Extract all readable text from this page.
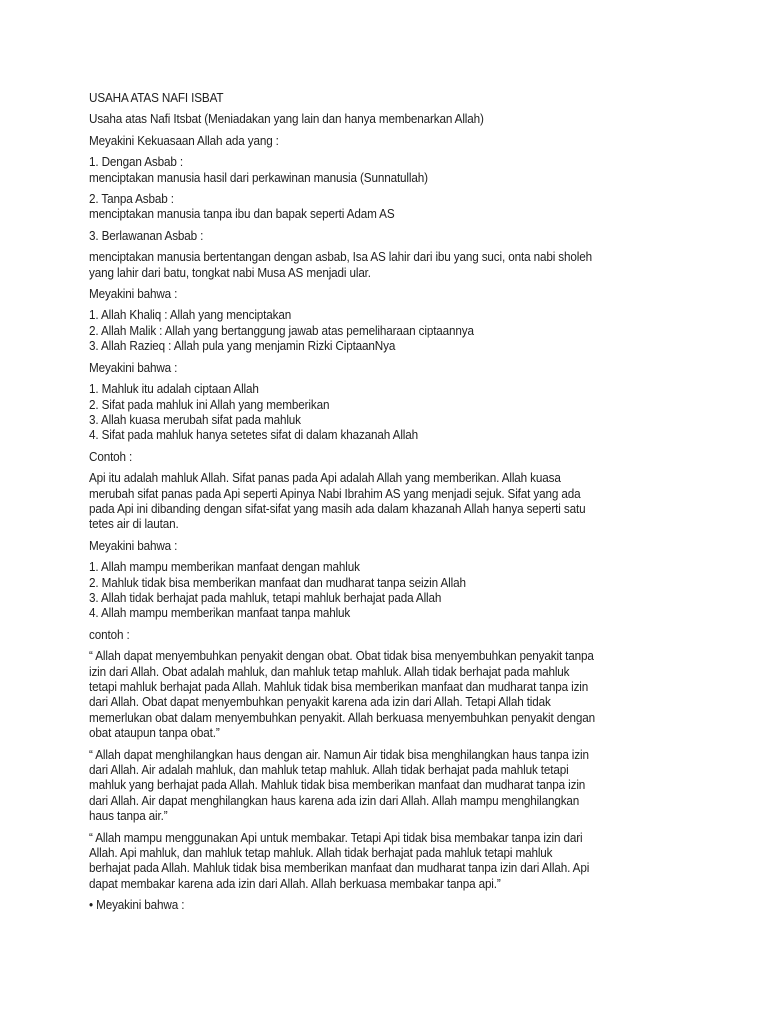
USAHA ATAS NAFI ISBAT
Usaha atas Nafi Itsbat (Meniadakan yang lain dan hanya membenarkan Allah)
Meyakini Kekuasaan Allah ada yang :
1. Dengan Asbab :
menciptakan manusia hasil dari perkawinan manusia (Sunnatullah)
2. Tanpa Asbab :
menciptakan manusia tanpa ibu dan bapak seperti Adam AS
3. Berlawanan Asbab :
menciptakan manusia bertentangan dengan asbab, Isa AS lahir dari ibu yang suci, onta nabi sholeh
yang lahir dari batu, tongkat nabi Musa AS menjadi ular.
Meyakini bahwa :
1. Allah Khaliq : Allah yang menciptakan
2. Allah Malik : Allah yang bertanggung jawab atas pemeliharaan ciptaannya
3. Allah Razieq : Allah pula yang menjamin Rizki CiptaanNya
Meyakini bahwa :
1. Mahluk itu adalah ciptaan Allah
2. Sifat pada mahluk ini Allah yang memberikan
3. Allah kuasa merubah sifat pada mahluk
4. Sifat pada mahluk hanya setetes sifat di dalam khazanah Allah
Contoh :
Api itu adalah mahluk Allah. Sifat panas pada Api adalah Allah yang memberikan. Allah kuasa
merubah sifat panas pada Api seperti Apinya Nabi Ibrahim AS yang menjadi sejuk. Sifat yang ada
pada Api ini dibanding dengan sifat-sifat yang masih ada dalam khazanah Allah hanya seperti satu
tetes air di lautan.
Meyakini bahwa :
1. Allah mampu memberikan manfaat dengan mahluk
2. Mahluk tidak bisa memberikan manfaat dan mudharat tanpa seizin Allah
3. Allah tidak berhajat pada mahluk, tetapi mahluk berhajat pada Allah
4. Allah mampu memberikan manfaat tanpa mahluk
contoh :
“ Allah dapat menyembuhkan penyakit dengan obat. Obat tidak bisa menyembuhkan penyakit tanpa
izin dari Allah. Obat adalah mahluk, dan mahluk tetap mahluk. Allah tidak berhajat pada mahluk
tetapi mahluk berhajat pada Allah. Mahluk tidak bisa memberikan manfaat dan mudharat tanpa izin
dari Allah. Obat dapat menyembuhkan penyakit karena ada izin dari Allah. Tetapi Allah tidak
memerlukan obat dalam menyembuhkan penyakit. Allah berkuasa menyembuhkan penyakit dengan
obat ataupun tanpa obat.”
“ Allah dapat menghilangkan haus dengan air. Namun Air tidak bisa menghilangkan haus tanpa izin
dari Allah. Air adalah mahluk, dan mahluk tetap mahluk. Allah tidak berhajat pada mahluk tetapi
mahluk yang berhajat pada Allah. Mahluk tidak bisa memberikan manfaat dan mudharat tanpa izin
dari Allah. Air dapat menghilangkan haus karena ada izin dari Allah. Allah mampu menghilangkan
haus tanpa air.”
“ Allah mampu menggunakan Api untuk membakar. Tetapi Api tidak bisa membakar tanpa izin dari
Allah. Api mahluk, dan mahluk tetap mahluk. Allah tidak berhajat pada mahluk tetapi mahluk
berhajat pada Allah. Mahluk tidak bisa memberikan manfaat dan mudharat tanpa izin dari Allah. Api
dapat membakar karena ada izin dari Allah. Allah berkuasa membakar tanpa api.”
• Meyakini bahwa :
